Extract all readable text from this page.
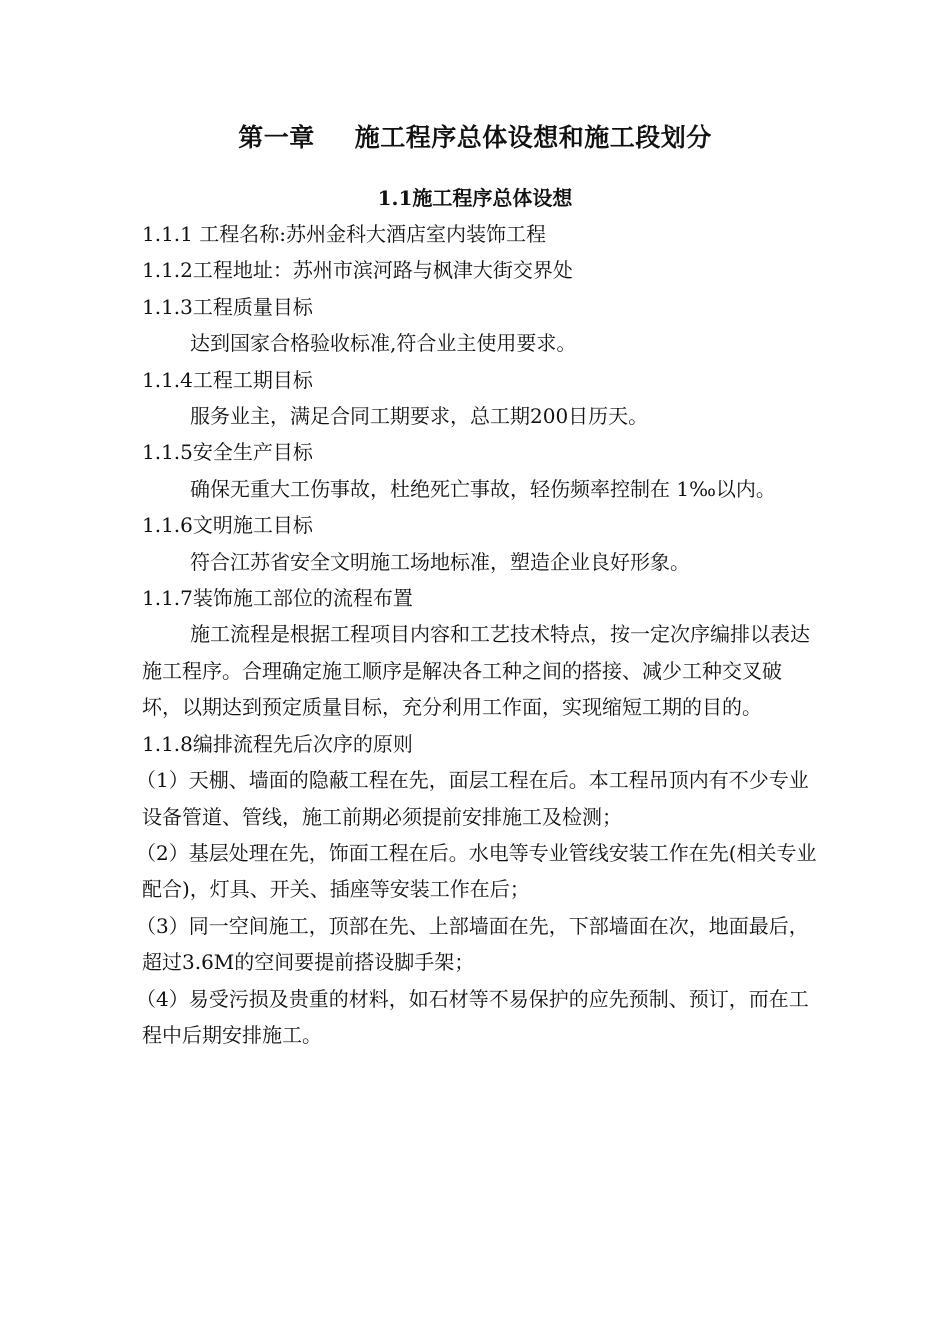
第一章 施工程序总体设想和施工段划分
1.1施工程序总体设想

1.1.1 工程名称:苏州金科大酒店室内装饰工程

1.1.2工程地址：苏州市滨河路与枫津大街交界处

1.1.3工程质量目标

达到国家合格验收标准,符合业主使用要求。

1.1.4工程工期目标

服务业主，满足合同工期要求，总工期200日历天。

1.1.5安全生产目标

确保无重大工伤事故，杜绝死亡事故，轻伤频率控制在 1‰以内。

1.1.6文明施工目标

符合江苏省安全文明施工场地标准，塑造企业良好形象。

1.1.7装饰施工部位的流程布置

施工流程是根据工程项目内容和工艺技术特点，按一定次序编排以表达施工程序。合理确定施工顺序是解决各工种之间的搭接、减少工种交叉破坏，以期达到预定质量目标，充分利用工作面，实现缩短工期的目的。

1.1.8编排流程先后次序的原则

（1）天棚、墙面的隐蔽工程在先，面层工程在后。本工程吊顶内有不少专业设备管道、管线，施工前期必须提前安排施工及检测；

（2）基层处理在先，饰面工程在后。水电等专业管线安装工作在先(相关专业配合)，灯具、开关、插座等安装工作在后；

（3）同一空间施工，顶部在先、上部墙面在先，下部墙面在次，地面最后，超过3.6M的空间要提前搭设脚手架；

（4）易受污损及贵重的材料，如石材等不易保护的应先预制、预订，而在工程中后期安排施工。
